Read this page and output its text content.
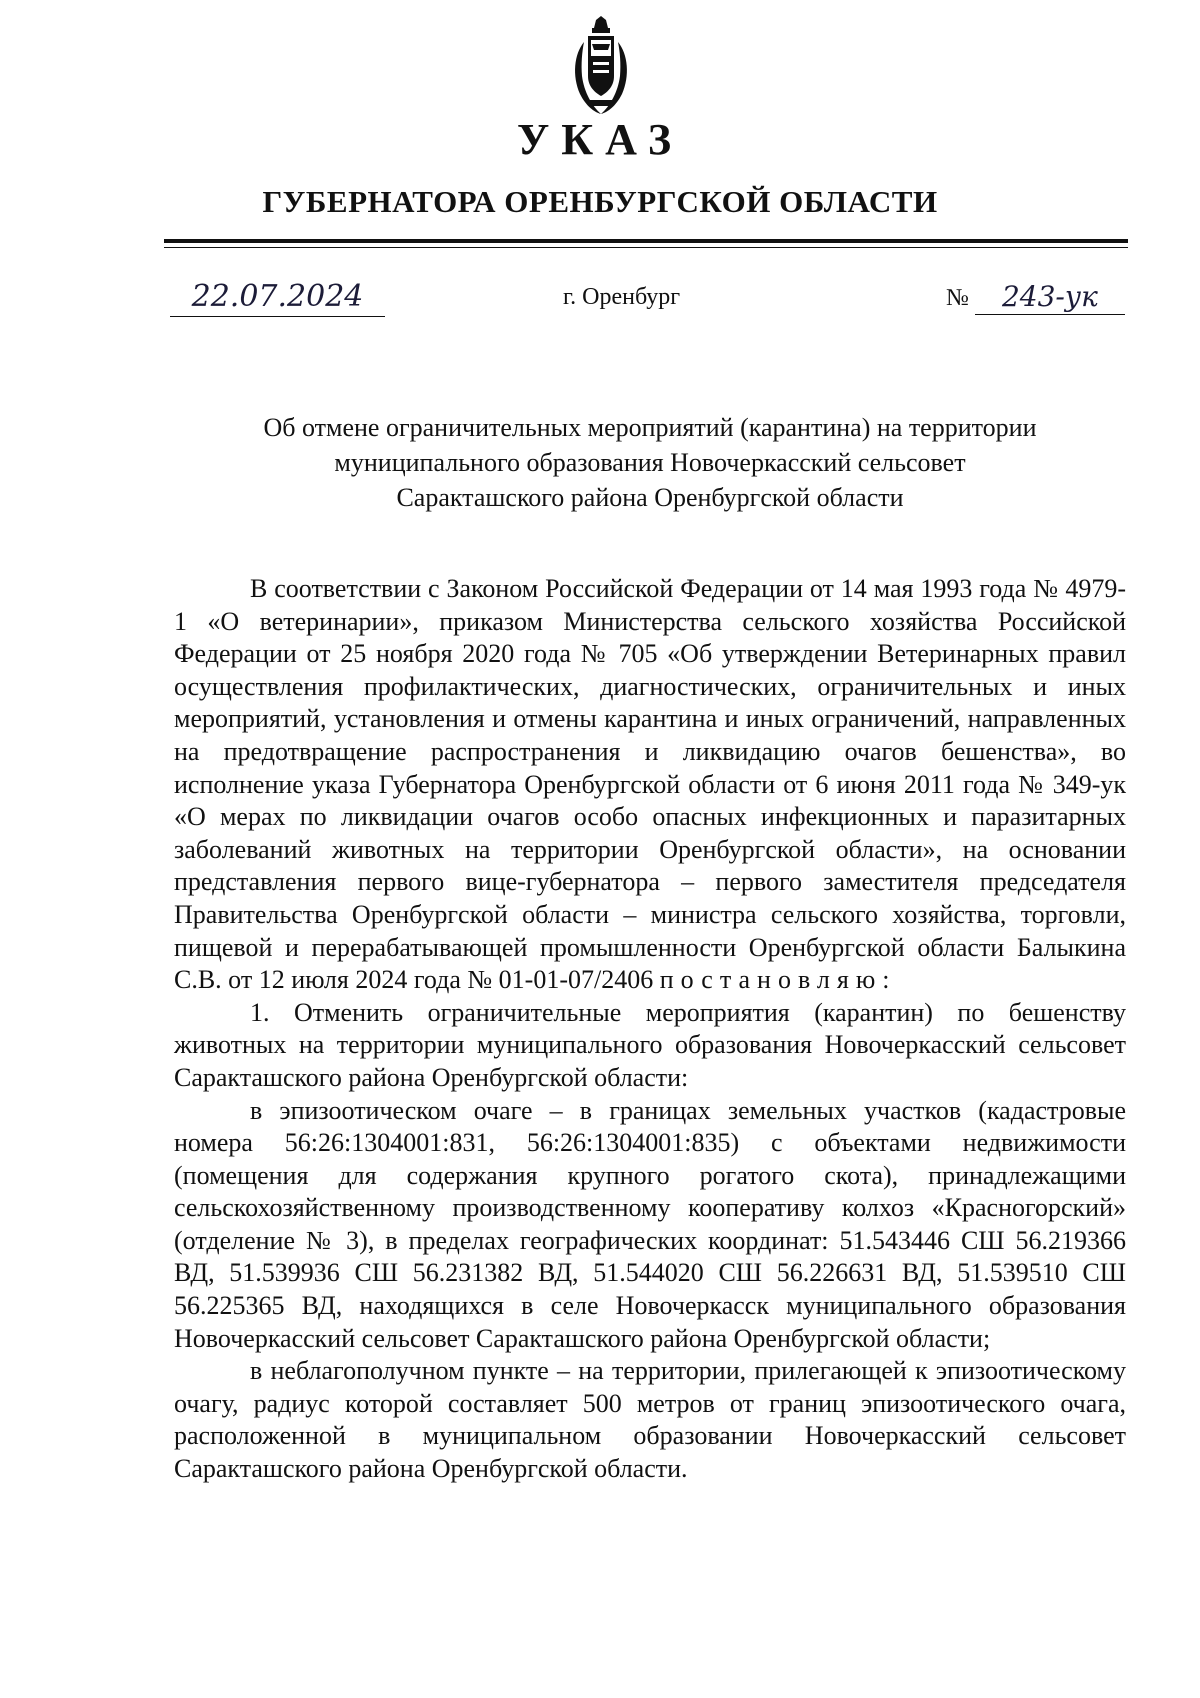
УКАЗ
ГУБЕРНАТОРА ОРЕНБУРГСКОЙ ОБЛАСТИ
22.07.2024	г. Оренбург	№ 243-ук
Об отмене ограничительных мероприятий (карантина) на территории
муниципального образования Новочеркасский сельсовет
Саракташского района Оренбургской области
В соответствии с Законом Российской Федерации от 14 мая 1993 года № 4979-1 «О ветеринарии», приказом Министерства сельского хозяйства Российской Федерации от 25 ноября 2020 года № 705 «Об утверждении Ветеринарных правил осуществления профилактических, диагностических, ограничительных и иных мероприятий, установления и отмены карантина и иных ограничений, направленных на предотвращение распространения и ликвидацию очагов бешенства», во исполнение указа Губернатора Оренбургской области от 6 июня 2011 года № 349-ук «О мерах по ликвидации очагов особо опасных инфекционных и паразитарных заболеваний животных на территории Оренбургской области», на основании представления первого вице-губернатора – первого заместителя председателя Правительства Оренбургской области – министра сельского хозяйства, торговли, пищевой и перерабатывающей промышленности Оренбургской области Балыкина С.В. от 12 июля 2024 года № 01-01-07/2406 постановляю:
1. Отменить ограничительные мероприятия (карантин) по бешенству животных на территории муниципального образования Новочеркасский сельсовет Саракташского района Оренбургской области:
в эпизоотическом очаге – в границах земельных участков (кадастровые номера 56:26:1304001:831, 56:26:1304001:835) с объектами недвижимости (помещения для содержания крупного рогатого скота), принадлежащими сельскохозяйственному производственному кооперативу колхоз «Красногорский» (отделение № 3), в пределах географических координат: 51.543446 СШ 56.219366 ВД, 51.539936 СШ 56.231382 ВД, 51.544020 СШ 56.226631 ВД, 51.539510 СШ 56.225365 ВД, находящихся в селе Новочеркасск муниципального образования Новочеркасский сельсовет Саракташского района Оренбургской области;
в неблагополучном пункте – на территории, прилегающей к эпизоотическому очагу, радиус которой составляет 500 метров от границ эпизоотического очага, расположенной в муниципальном образовании Новочеркасский сельсовет Саракташского района Оренбургской области.
